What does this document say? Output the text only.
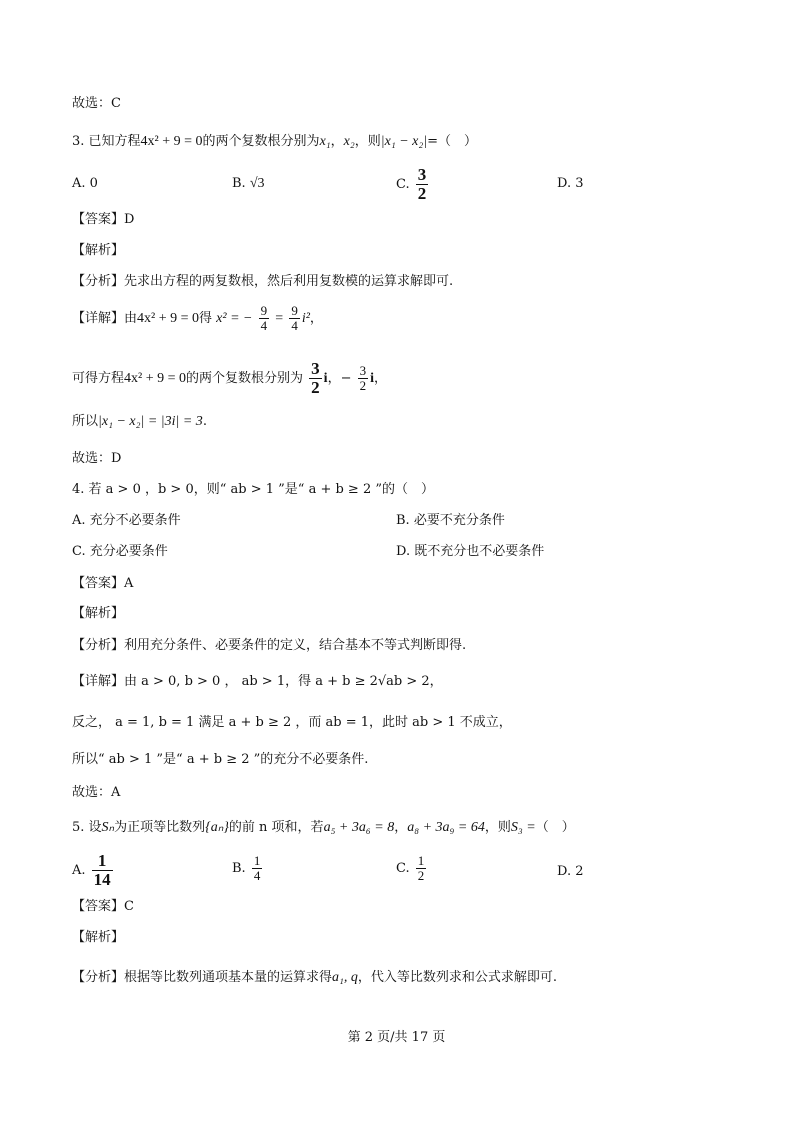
故选：C
3. 已知方程4x² + 9 = 0的两个复数根分别为x₁，x₂，则|x₁ − x₂|=（　）
A. 0	B. √3	C. $\frac{3}{2}$	D. 3
【答案】D
【解析】
【分析】先求出方程的两复数根，然后利用复数模的运算求解即可.
【详解】由4x² + 9 = 0得 x² = − $\frac{9}{4} = \frac{9}{4} i^2$，
可得方程4x² + 9 = 0的两个复数根分别为 $\frac{3}{2}$ i，− $\frac{3}{2}$ i，
所以|x₁ − x₂| = |3i| = 3.
故选：D
4. 若 a > 0 ，b > 0，则“ ab > 1 ”是“ a + b ≥ 2 ”的（　）
A. 充分不必要条件	B. 必要不充分条件
C. 充分必要条件	D. 既不充分也不必要条件
【答案】A
【解析】
【分析】利用充分条件、必要条件的定义，结合基本不等式判断即得.
【详解】由 a > 0, b > 0 ， ab > 1，得 a + b ≥ 2√ab > 2，
反之， a = 1, b = 1 满足 a + b ≥ 2 ，而 ab = 1，此时 ab > 1 不成立，
所以“ ab > 1 ”是“ a + b ≥ 2 ”的充分不必要条件.
故选：A
5. 设Sₙ为正项等比数列{aₙ}的前 n 项和，若a₅ + 3a₆ = 8，a₈ + 3a₉ = 64，则S₃ =（　）
A. $\frac{1}{14}$	B. $\frac{1}{4}$	C. $\frac{1}{2}$	D. 2
【答案】C
【解析】
【分析】根据等比数列通项基本量的运算求得a₁, q，代入等比数列求和公式求解即可.
第 2 页/共 17 页
